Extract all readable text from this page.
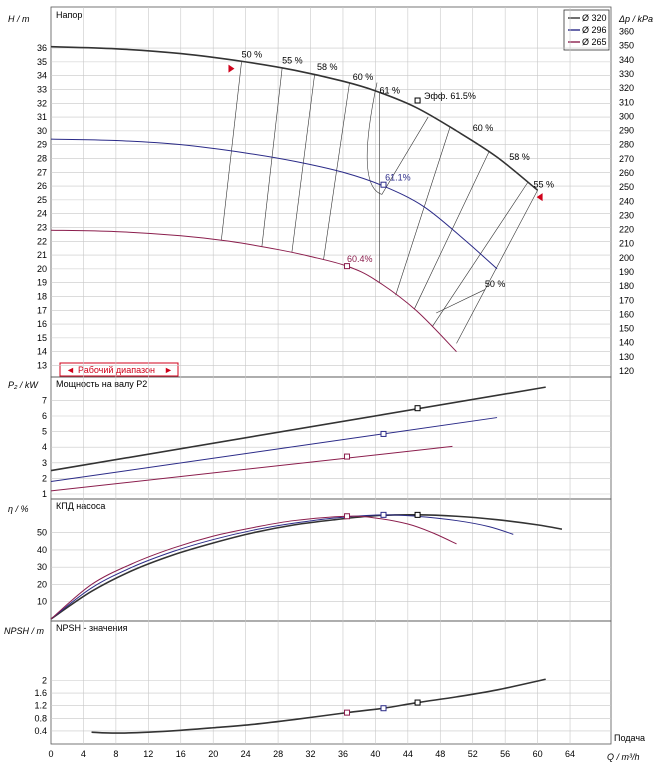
Напор
Мощность на валу P2
КПД насоса
NPSH - значения
H / m	Δp / kPa
P₂ / kW
η / %
NPSH / m
Q / m³/h
Подача
Ø 320
Ø 296
Ø 265
◄ Рабочий диапазон ►
0	4	8	12 16 20 24 28 32 36 40 44 48 52 56 60 64
13
14
15
16
17
18
19
20
21
22
23
24
25
26
27
28
29
30
31
32
33
34
35
36
1
2
3
4
5
6
7
10
20
30
40
50
0.4
0.8
1.2
1.6
2
120
130
140
150
160
170
180
190
200
210
220
230
240
250
260
270
280
290
300
310
320
330
340
350
360
50 %
55 %
58 %
60 %
61 %
Эфф. 61.5%
60 %
58 %
55 %
61.1%
60.4%
50 %
